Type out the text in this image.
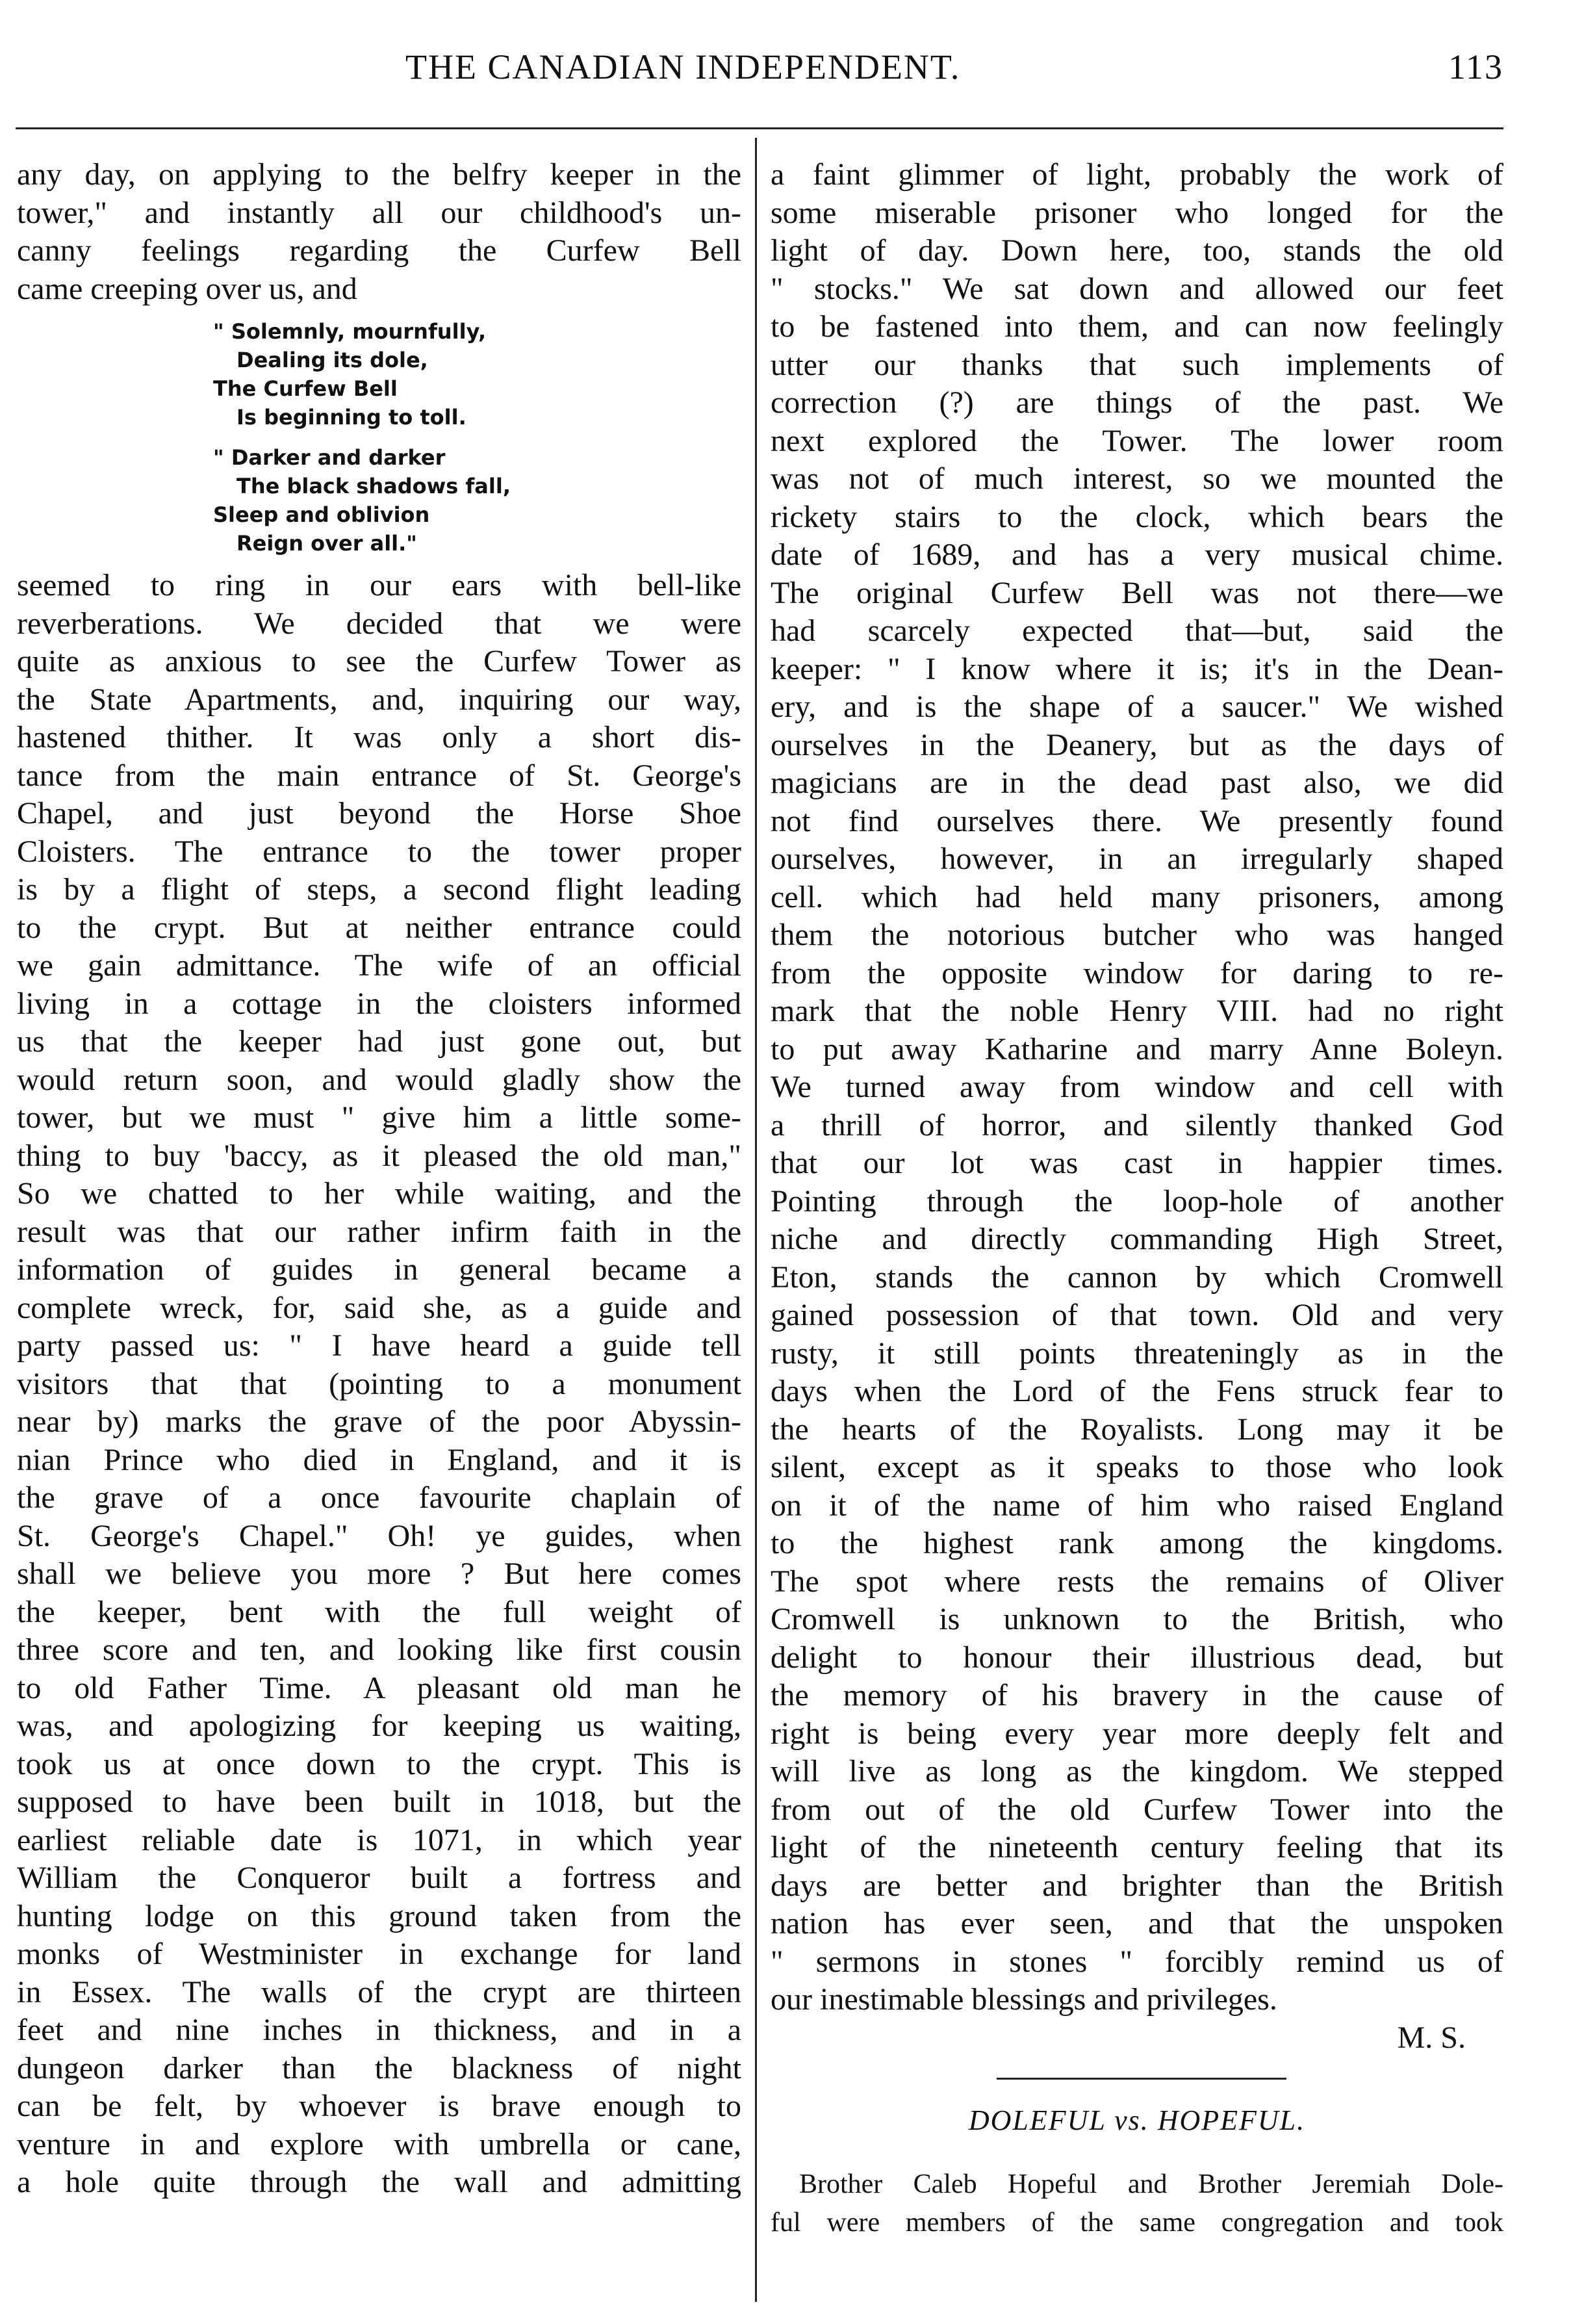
THE CANADIAN INDEPENDENT.	113
any day, on applying to the belfry keeper in the
tower," and instantly all our childhood's un-
canny feelings regarding the Curfew Bell
came creeping over us, and
" Solemnly, mournfully,
Dealing its dole,
The Curfew Bell
Is beginning to toll.
" Darker and darker
The black shadows fall,
Sleep and oblivion
Reign over all."
seemed to ring in our ears with bell-like
reverberations. We decided that we were
quite as anxious to see the Curfew Tower as
the State Apartments, and, inquiring our way,
hastened thither. It was only a short dis-
tance from the main entrance of St. George's
Chapel, and just beyond the Horse Shoe
Cloisters. The entrance to the tower proper
is by a flight of steps, a second flight leading
to the crypt. But at neither entrance could
we gain admittance. The wife of an official
living in a cottage in the cloisters informed
us that the keeper had just gone out, but
would return soon, and would gladly show the
tower, but we must " give him a little some-
thing to buy 'baccy, as it pleased the old man,"
So we chatted to her while waiting, and the
result was that our rather infirm faith in the
information of guides in general became a
complete wreck, for, said she, as a guide and
party passed us: " I have heard a guide tell
visitors that that (pointing to a monument
near by) marks the grave of the poor Abyssin-
nian Prince who died in England, and it is
the grave of a once favourite chaplain of
St. George's Chapel." Oh! ye guides, when
shall we believe you more ? But here comes
the keeper, bent with the full weight of
three score and ten, and looking like first cousin
to old Father Time. A pleasant old man he
was, and apologizing for keeping us waiting,
took us at once down to the crypt. This is
supposed to have been built in 1018, but the
earliest reliable date is 1071, in which year
William the Conqueror built a fortress and
hunting lodge on this ground taken from the
monks of Westminister in exchange for land
in Essex. The walls of the crypt are thirteen
feet and nine inches in thickness, and in a
dungeon darker than the blackness of night
can be felt, by whoever is brave enough to
venture in and explore with umbrella or cane,
a hole quite through the wall and admitting
a faint glimmer of light, probably the work of
some miserable prisoner who longed for the
light of day. Down here, too, stands the old
" stocks." We sat down and allowed our feet
to be fastened into them, and can now feelingly
utter our thanks that such implements of
correction (?) are things of the past. We
next explored the Tower. The lower room
was not of much interest, so we mounted the
rickety stairs to the clock, which bears the
date of 1689, and has a very musical chime.
The original Curfew Bell was not there—we
had scarcely expected that—but, said the
keeper: " I know where it is; it's in the Dean-
ery, and is the shape of a saucer." We wished
ourselves in the Deanery, but as the days of
magicians are in the dead past also, we did
not find ourselves there. We presently found
ourselves, however, in an irregularly shaped
cell. which had held many prisoners, among
them the notorious butcher who was hanged
from the opposite window for daring to re-
mark that the noble Henry VIII. had no right
to put away Katharine and marry Anne Boleyn.
We turned away from window and cell with
a thrill of horror, and silently thanked God
that our lot was cast in happier times.
Pointing through the loop-hole of another
niche and directly commanding High Street,
Eton, stands the cannon by which Cromwell
gained possession of that town. Old and very
rusty, it still points threateningly as in the
days when the Lord of the Fens struck fear to
the hearts of the Royalists. Long may it be
silent, except as it speaks to those who look
on it of the name of him who raised England
to the highest rank among the kingdoms.
The spot where rests the remains of Oliver
Cromwell is unknown to the British, who
delight to honour their illustrious dead, but
the memory of his bravery in the cause of
right is being every year more deeply felt and
will live as long as the kingdom. We stepped
from out of the old Curfew Tower into the
light of the nineteenth century feeling that its
days are better and brighter than the British
nation has ever seen, and that the unspoken
" sermons in stones " forcibly remind us of
our inestimable blessings and privileges.
M. S.
DOLEFUL vs. HOPEFUL.
Brother Caleb Hopeful and Brother Jeremiah Dole-
ful were members of the same congregation and took
